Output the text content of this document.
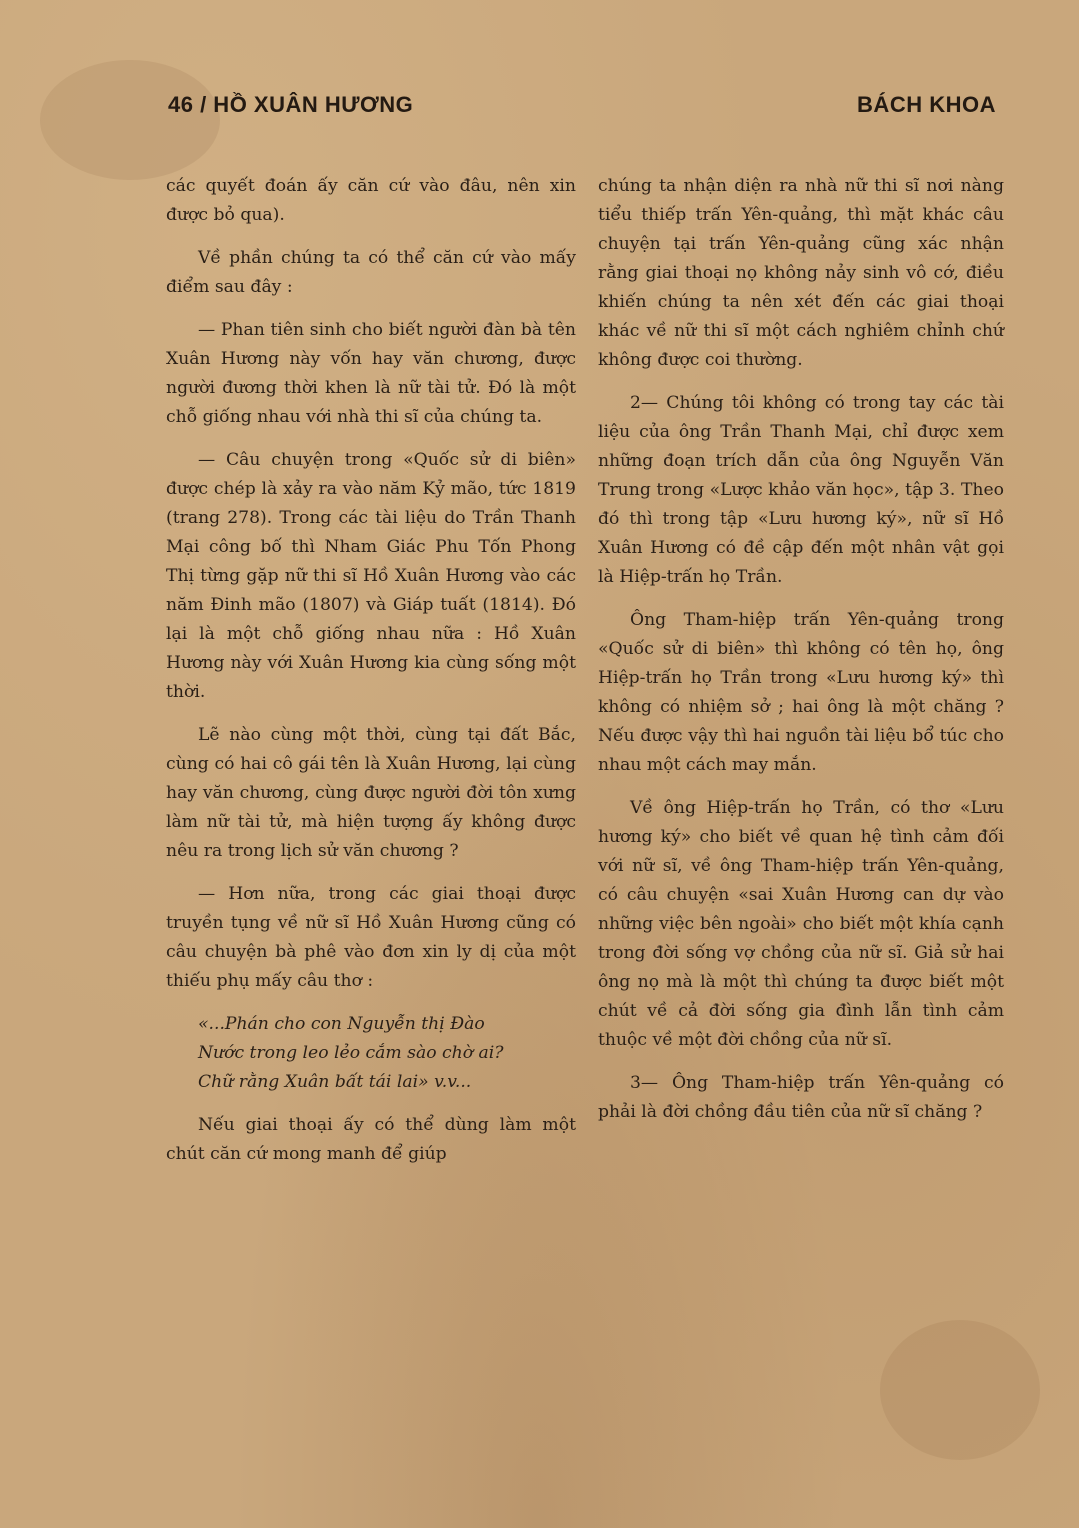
46 / HỒ XUÂN HƯƠNG	BÁCH KHOA

các quyết đoán ấy căn cứ vào đâu, nên xin được bỏ qua).

Về phần chúng ta có thể căn cứ vào mấy điểm sau đây :

— Phan tiên sinh cho biết người đàn bà tên Xuân Hương này vốn hay văn chương, được người đương thời khen là nữ tài tử. Đó là một chỗ giống nhau với nhà thi sĩ của chúng ta.

— Câu chuyện trong «Quốc sử di biên» được chép là xảy ra vào năm Kỷ mão, tức 1819 (trang 278). Trong các tài liệu do Trần Thanh Mại công bố thì Nham Giác Phu Tốn Phong Thị từng gặp nữ thi sĩ Hồ Xuân Hương vào các năm Đinh mão (1807) và Giáp tuất (1814). Đó lại là một chỗ giống nhau nữa : Hồ Xuân Hương này với Xuân Hương kia cùng sống một thời.

Lẽ nào cùng một thời, cùng tại đất Bắc, cùng có hai cô gái tên là Xuân Hương, lại cùng hay văn chương, cùng được người đời tôn xưng làm nữ tài tử, mà hiện tượng ấy không được nêu ra trong lịch sử văn chương ?

— Hơn nữa, trong các giai thoại được truyền tụng về nữ sĩ Hồ Xuân Hương cũng có câu chuyện bà phê vào đơn xin ly dị của một thiếu phụ mấy câu thơ :

«...Phán cho con Nguyễn thị Đào
Nước trong leo lẻo cắm sào chờ ai?
Chữ rằng Xuân bất tái lai» v.v...

Nếu giai thoại ấy có thể dùng làm một chút căn cứ mong manh để giúp

chúng ta nhận diện ra nhà nữ thi sĩ nơi nàng tiểu thiếp trấn Yên-quảng, thì mặt khác câu chuyện tại trấn Yên-quảng cũng xác nhận rằng giai thoại nọ không nảy sinh vô cớ, điều khiến chúng ta nên xét đến các giai thoại khác về nữ thi sĩ một cách nghiêm chỉnh chứ không được coi thường.

2— Chúng tôi không có trong tay các tài liệu của ông Trần Thanh Mại, chỉ được xem những đoạn trích dẫn của ông Nguyễn Văn Trung trong «Lược khảo văn học», tập 3. Theo đó thì trong tập «Lưu hương ký», nữ sĩ Hồ Xuân Hương có đề cập đến một nhân vật gọi là Hiệp-trấn họ Trần.

Ông Tham-hiệp trấn Yên-quảng trong «Quốc sử di biên» thì không có tên họ, ông Hiệp-trấn họ Trần trong «Lưu hương ký» thì không có nhiệm sở ; hai ông là một chăng ? Nếu được vậy thì hai nguồn tài liệu bổ túc cho nhau một cách may mắn.

Về ông Hiệp-trấn họ Trần, có thơ «Lưu hương ký» cho biết về quan hệ tình cảm đối với nữ sĩ, về ông Tham-hiệp trấn Yên-quảng, có câu chuyện «sai Xuân Hương can dự vào những việc bên ngoài» cho biết một khía cạnh trong đời sống vợ chồng của nữ sĩ. Giả sử hai ông nọ mà là một thì chúng ta được biết một chút về cả đời sống gia đình lẫn tình cảm thuộc về một đời chồng của nữ sĩ.

3— Ông Tham-hiệp trấn Yên-quảng có phải là đời chồng đầu tiên của nữ sĩ chăng ?
